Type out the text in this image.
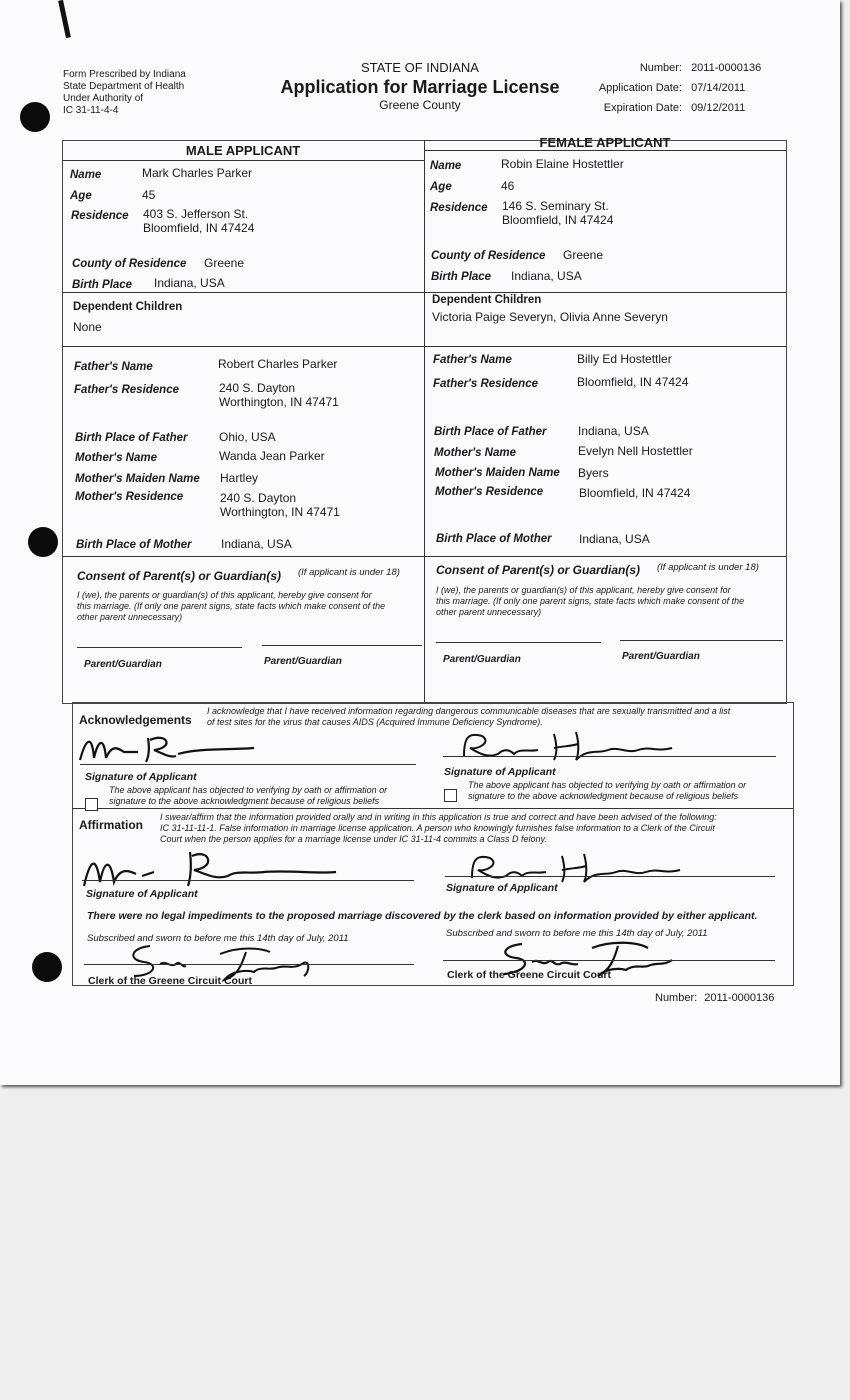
Form Prescribed by Indiana
State Department of Health
Under Authority of
IC 31-11-4-4
STATE OF INDIANA
Application for Marriage License
Greene County
Number: 2011-0000136
Application Date: 07/14/2011
Expiration Date: 09/12/2011
MALE APPLICANT
FEMALE APPLICANT
Name	Mark Charles Parker
Age	45
Residence 403 S. Jefferson St.
Bloomfield, IN 47424
County of Residence Greene
Birth Place Indiana, USA
Dependent Children
None
Father's Name	Robert Charles Parker
Father's Residence	240 S. Dayton
Worthington, IN 47471
Birth Place of Father	Ohio, USA
Mother's Name	Wanda Jean Parker
Mother's Maiden Name Hartley
Mother's Residence	240 S. Dayton
Worthington, IN 47471
Birth Place of Mother Indiana, USA
Name	Robin Elaine Hostettler
Age	46
Residence 146 S. Seminary St.
Bloomfield, IN 47424
County of Residence Greene
Birth Place Indiana, USA
Dependent Children
Victoria Paige Severyn, Olivia Anne Severyn
Father's Name	Billy Ed Hostettler
Father's Residence	Bloomfield, IN 47424
Birth Place of Father	Indiana, USA
Mother's Name	Evelyn Nell Hostettler
Mother's Maiden Name Byers
Mother's Residence	Bloomfield, IN 47424
Birth Place of Mother Indiana, USA
Consent of Parent(s) or Guardian(s) (If applicant is under 18)
I (we), the parents or guardian(s) of this applicant, hereby give consent for
this marriage. (If only one parent signs, state facts which make consent of the
other parent unnecessary)
Parent/Guardian	Parent/Guardian
Consent of Parent(s) or Guardian(s) (If applicant is under 18)
I (we), the parents or guardian(s) of this applicant, hereby give consent for
this marriage. (If only one parent signs, state facts which make consent of the
other parent unnecessary)
Parent/Guardian	Parent/Guardian
Acknowledgements
I acknowledge that I have received information regarding dangerous communicable diseases that are sexually transmitted and a list
of test sites for the virus that causes AIDS (Acquired Immune Deficiency Syndrome).
Signature of Applicant
The above applicant has objected to verifying by oath or affirmation or
signature to the above acknowledgment because of religious beliefs
Signature of Applicant
The above applicant has objected to verifying by oath or affirmation or
signature to the above acknowledgment because of religious beliefs
Affirmation
I swear/affirm that the information provided orally and in writing in this application is true and correct and have been advised of the following:
IC 31-11-11-1. False information in marriage license application. A person who knowingly furnishes false information to a Clerk of the Circuit
Court when the person applies for a marriage license under IC 31-11-4 commits a Class D felony.
Signature of Applicant	Signature of Applicant
There were no legal impediments to the proposed marriage discovered by the clerk based on information provided by either applicant.
Subscribed and sworn to before me this 14th day of July, 2011	Subscribed and sworn to before me this 14th day of July, 2011
Clerk of the Greene Circuit Court	Clerk of the Greene Circuit Court
Number: 2011-0000136
